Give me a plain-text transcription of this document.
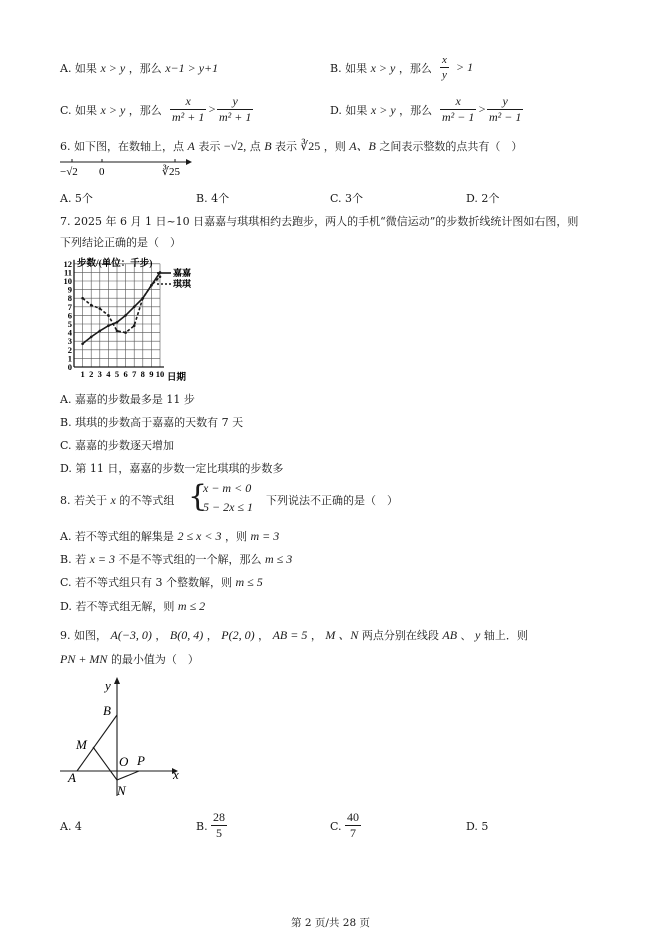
A. 如果 x > y ，那么 x−1 > y+1	B. 如果 x > y ，那么
x
y
> 1
C. 如果 x > y ，那么
x
m² + 1
>
y
m² + 1	D. 如果 x > y ，那么
x
m² − 1
>
y
m² − 1
6. 如下图，在数轴上，点 A 表示 −√2, 点 B 表示 ∛25 ，则 A、B 之间表示整数的点共有（　）
−√2 0	∛25
A. 5个	B. 4个	C. 3个	D. 2个
7. 2025 年 6 月 1 日~10 日嘉嘉与琪琪相约去跑步，两人的手机“微信运动”的步数折线统计图如右图，则
下列结论正确的是（　）
0
1
2
3
4
5
6
7
8
9
10
11
12
1 2 3 4 5 6 7 8 9 10
步数/(单位：千步)
日期
嘉嘉
琪琪
A. 嘉嘉的步数最多是 11 步
B. 琪琪的步数高于嘉嘉的天数有 7 天
C. 嘉嘉的步数逐天增加
D. 第 11 日，嘉嘉的步数一定比琪琪的步数多
8. 若关于 x 的不等式组 {
x − m < 0
5 − 2x ≤ 1 下列说法不正确的是（　）
A. 若不等式组的解集是 2 ≤ x < 3 ，则 m = 3
B. 若 x = 3 不是不等式组的一个解，那么 m ≤ 3
C. 若不等式组只有 3 个整数解，则 m ≤ 5
D. 若不等式组无解，则 m ≤ 2
9. 如图， A(−3, 0) ， B(0, 4) ， P(2, 0) ， AB = 5 ， M 、N 两点分别在线段 AB 、 y 轴上．则
PN + MN 的最小值为（　）
y
x
B
M
O P
A
N
A. 4	B.
28
5	C.
40
7	D. 5
第 2 页/共 28 页
